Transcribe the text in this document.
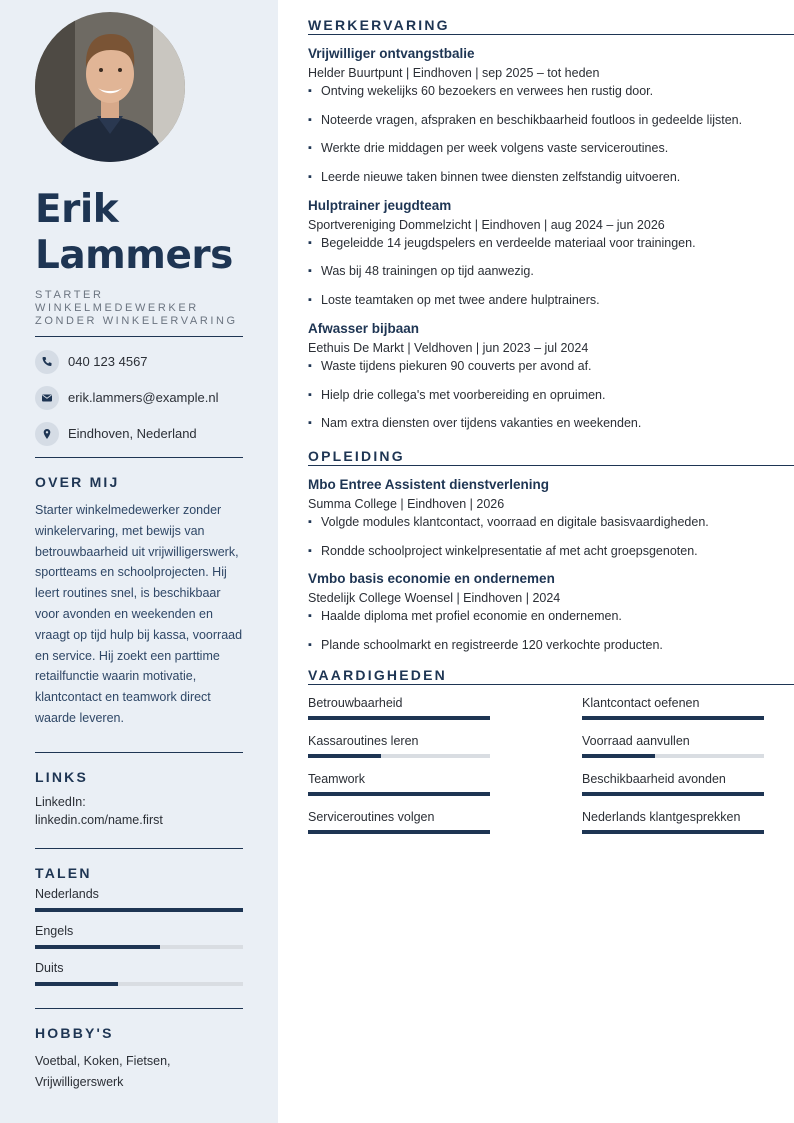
Erik
Lammers
STARTER
WINKELMEDEWERKER
ZONDER WINKELERVARING
040 123 4567
erik.lammers@example.nl
Eindhoven, Nederland
OVER MIJ

Starter winkelmedewerker zonder winkelervaring, met bewijs van betrouwbaarheid uit vrijwilligerswerk, sportteams en schoolprojecten. Hij leert routines snel, is beschikbaar voor avonden en weekenden en vraagt op tijd hulp bij kassa, voorraad en service. Hij zoekt een parttime retailfunctie waarin motivatie, klantcontact en teamwork direct waarde leveren.

LINKS
LinkedIn:
linkedin.com/name.first
TALEN
Nederlands
Engels
Duits
HOBBY'S

Voetbal, Koken, Fietsen, Vrijwilligerswerk

WERKERVARING
Vrijwilliger ontvangstbalie
Helder Buurtpunt | Eindhoven | sep 2025 – tot heden
▪ Ontving wekelijks 60 bezoekers en verwees hen rustig door.
▪ Noteerde vragen, afspraken en beschikbaarheid foutloos in gedeelde lijsten.
▪ Werkte drie middagen per week volgens vaste serviceroutines.
▪ Leerde nieuwe taken binnen twee diensten zelfstandig uitvoeren.
Hulptrainer jeugdteam
Sportvereniging Dommelzicht | Eindhoven | aug 2024 – jun 2026
▪ Begeleidde 14 jeugdspelers en verdeelde materiaal voor trainingen.
▪ Was bij 48 trainingen op tijd aanwezig.
▪ Loste teamtaken op met twee andere hulptrainers.
Afwasser bijbaan
Eethuis De Markt | Veldhoven | jun 2023 – jul 2024
▪ Waste tijdens piekuren 90 couverts per avond af.
▪ Hielp drie collega's met voorbereiding en opruimen.
▪ Nam extra diensten over tijdens vakanties en weekenden.
OPLEIDING
Mbo Entree Assistent dienstverlening
Summa College | Eindhoven | 2026
▪ Volgde modules klantcontact, voorraad en digitale basisvaardigheden.
▪ Rondde schoolproject winkelpresentatie af met acht groepsgenoten.
Vmbo basis economie en ondernemen
Stedelijk College Woensel | Eindhoven | 2024
▪ Haalde diploma met profiel economie en ondernemen.
▪ Plande schoolmarkt en registreerde 120 verkochte producten.
VAARDIGHEDEN
Betrouwbaarheid	Klantcontact oefenen
Kassaroutines leren	Voorraad aanvullen
Teamwork	Beschikbaarheid avonden
Serviceroutines volgen	Nederlands klantgesprekken
